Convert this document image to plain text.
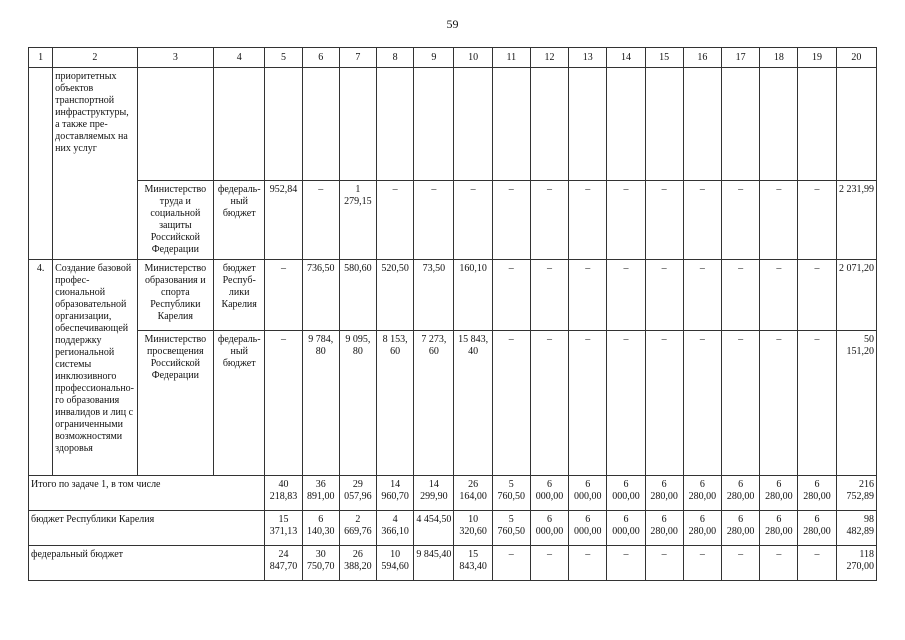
59
1	2	3	4	5	6	7	8	9	10	11	12	13	14	15	16	17	18	19	20
	приоритетных объектов транспортной инфраструктуры, а также пре-доставляемых на них услуг																		
		Министерство труда и социальной защиты Российской Федерации	федераль-ный бюджет	952,84	–	1 279,15	–	–	–	–	–	–	–	–	–	–	–	–	2 231,99
4.	Создание базовой профес-сиональной образовательной организации, обеспечивающей поддержку региональной системы инклюзивного профессионально-го образования инвалидов и лиц с ограниченными возможностями здоровья	Министерство образования и спорта Республики Карелия	бюджет Респуб-лики Карелия	–	736,50	580,60	520,50	73,50	160,10	–	–	–	–	–	–	–	–	–	2 071,20
		Министерство просвещения Российской Федерации	федераль-ный бюджет	–	9 784, 80	9 095, 80	8 153, 60	7 273, 60	15 843, 40	–	–	–	–	–	–	–	–	–	50 151,20
Итого по задаче 1, в том числе				40 218,83	36 891,00	29 057,96	14 960,70	14 299,90	26 164,00	5 760,50	6 000,00	6 000,00	6 000,00	6 280,00	6 280,00	6 280,00	6 280,00	6 280,00	216 752,89
бюджет Республики Карелия				15 371,13	6 140,30	2 669,76	4 366,10	4 454,50	10 320,60	5 760,50	6 000,00	6 000,00	6 000,00	6 280,00	6 280,00	6 280,00	6 280,00	6 280,00	98 482,89
федеральный бюджет				24 847,70	30 750,70	26 388,20	10 594,60	9 845,40	15 843,40	–	–	–	–	–	–	–	–	–	118 270,00
